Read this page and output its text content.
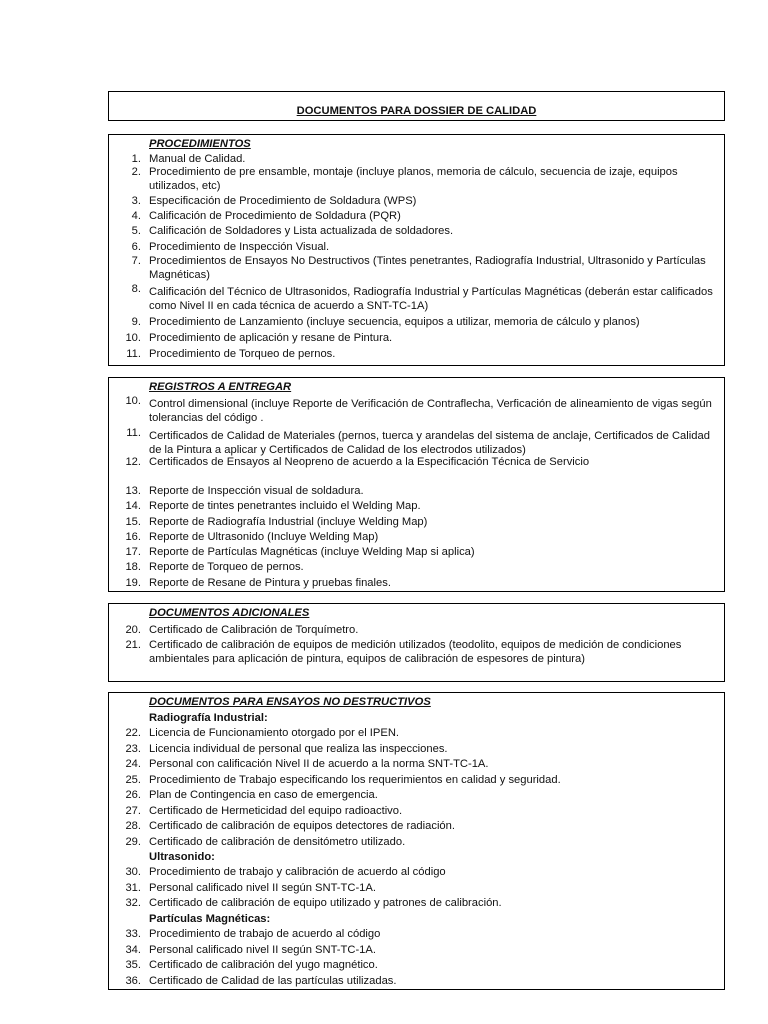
DOCUMENTOS PARA DOSSIER DE CALIDAD
PROCEDIMIENTOS
1. Manual de Calidad.
2. Procedimiento de pre ensamble, montaje (incluye planos, memoria de cálculo, secuencia de izaje, equipos utilizados, etc)
3. Especificación de Procedimiento de Soldadura (WPS)
4. Calificación de Procedimiento de Soldadura (PQR)
5. Calificación de Soldadores y Lista actualizada de soldadores.
6. Procedimiento de Inspección Visual.
7. Procedimientos de Ensayos No Destructivos (Tintes penetrantes, Radiografía Industrial, Ultrasonido y Partículas Magnéticas)
8. Calificación del Técnico de Ultrasonidos, Radiografía Industrial y Partículas Magnéticas (deberán estar calificados como Nivel II en cada técnica de acuerdo a SNT-TC-1A)
9. Procedimiento de Lanzamiento (incluye secuencia, equipos a utilizar, memoria de cálculo y planos)
10. Procedimiento de aplicación y resane de Pintura.
11. Procedimiento de Torqueo de pernos.
REGISTROS A ENTREGAR
10. Control dimensional (incluye Reporte de Verificación de Contraflecha, Verficación de alineamiento de vigas según tolerancias del código .
11. Certificados de Calidad de Materiales (pernos, tuerca y arandelas del sistema de anclaje, Certificados de Calidad de la Pintura a aplicar y Certificados de Calidad de los electrodos utilizados)
12. Certificados de Ensayos al Neopreno de acuerdo a la Especificación Técnica de Servicio
13. Reporte de Inspección visual de soldadura.
14. Reporte de tintes penetrantes incluido el Welding Map.
15. Reporte de Radiografía Industrial (incluye Welding Map)
16. Reporte de Ultrasonido (Incluye Welding Map)
17. Reporte de Partículas Magnéticas (incluye Welding Map si aplica)
18. Reporte de Torqueo de pernos.
19. Reporte de Resane de Pintura y pruebas finales.
DOCUMENTOS ADICIONALES
20. Certificado de Calibración de Torquímetro.
21. Certificado de calibración de equipos de medición utilizados (teodolito, equipos de medición de condiciones ambientales para aplicación de pintura, equipos de calibración de espesores de pintura)
DOCUMENTOS PARA ENSAYOS NO DESTRUCTIVOS
Radiografía Industrial:
22. Licencia de Funcionamiento otorgado por el IPEN.
23. Licencia individual de personal que realiza las inspecciones.
24. Personal con calificación Nivel II de acuerdo a la norma SNT-TC-1A.
25. Procedimiento de Trabajo especificando los requerimientos en calidad y seguridad.
26. Plan de Contingencia en caso de emergencia.
27. Certificado de Hermeticidad del equipo radioactivo.
28. Certificado de calibración de equipos detectores de radiación.
29. Certificado de calibración de densitómetro utilizado.
Ultrasonido:
30. Procedimiento de trabajo y calibración de acuerdo al código
31. Personal calificado nivel II según SNT-TC-1A.
32. Certificado de calibración de equipo utilizado y patrones de calibración.
Partículas Magnéticas:
33. Procedimiento de trabajo de acuerdo al código
34. Personal calificado nivel II según SNT-TC-1A.
35. Certificado de calibración del yugo magnético.
36. Certificado de Calidad de las partículas utilizadas.
